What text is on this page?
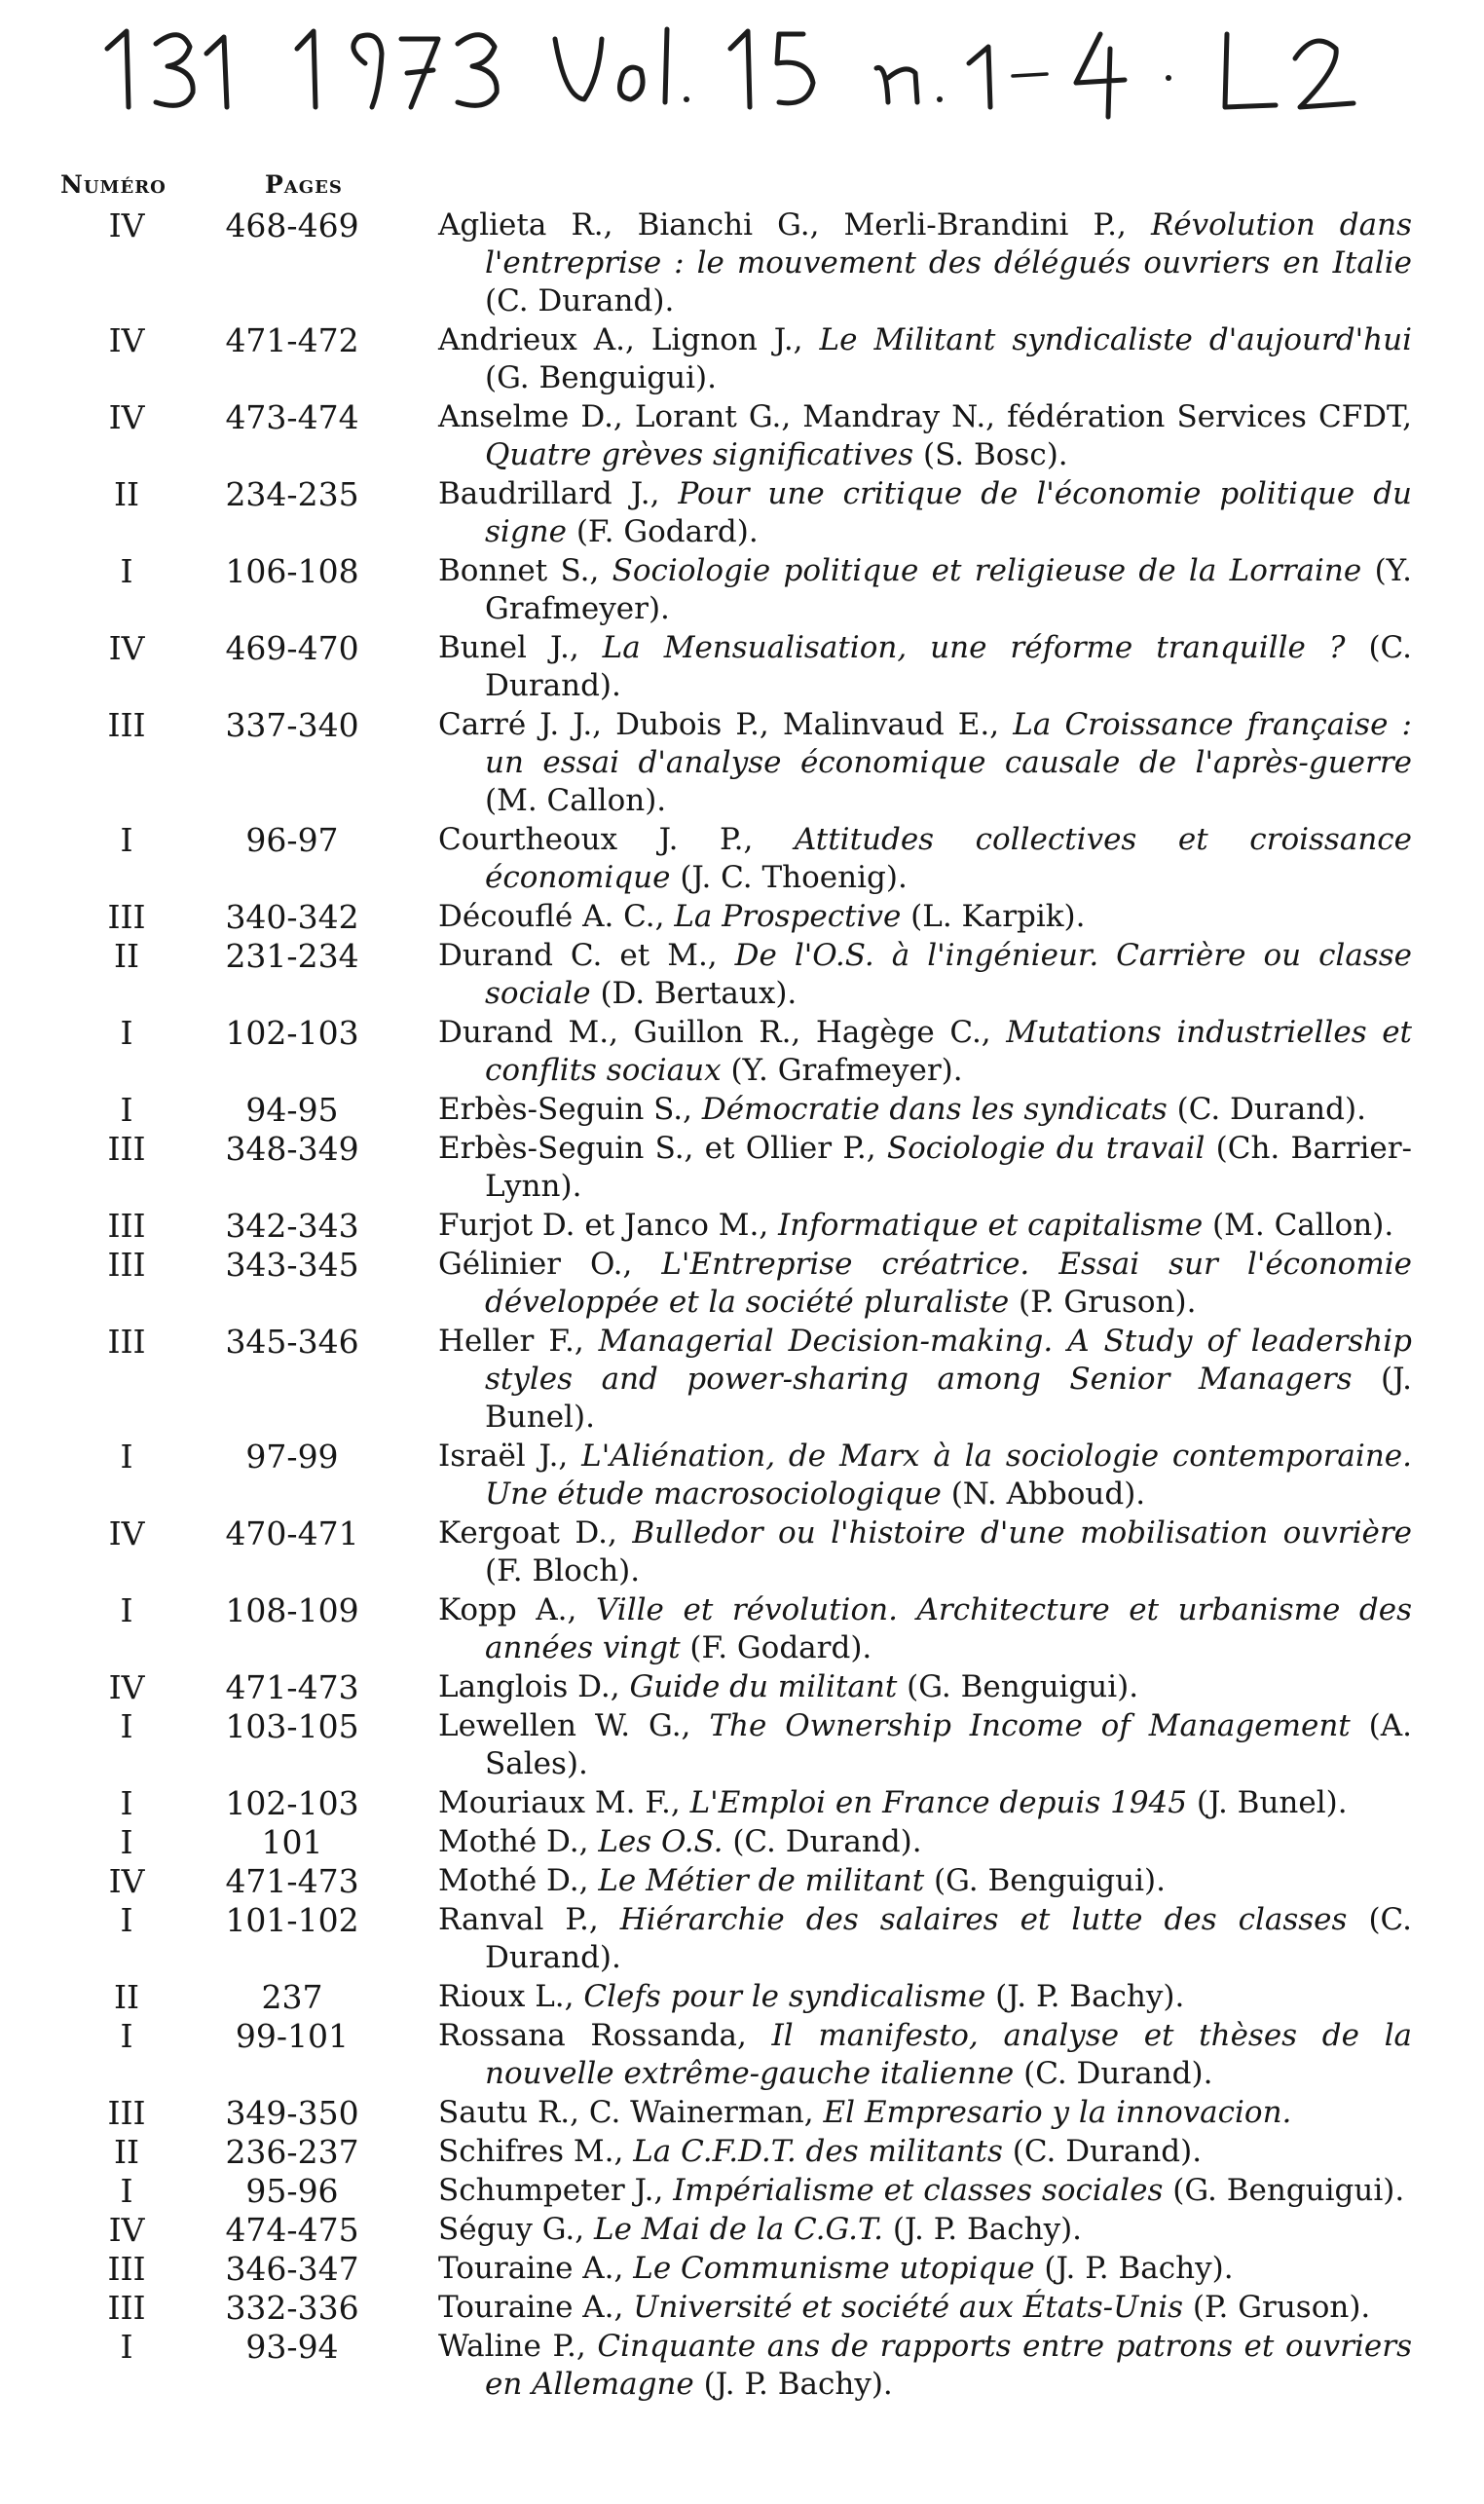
Numéro	Pages
IV	468-469	Aglieta R., Bianchi G., Merli-Brandini P., Révolution dans l'entreprise : le mouvement des délégués ouvriers en Italie (C. Durand).
IV	471-472	Andrieux A., Lignon J., Le Militant syndicaliste d'aujourd'hui (G. Benguigui).
IV	473-474	Anselme D., Lorant G., Mandray N., fédération Services CFDT, Quatre grèves significatives (S. Bosc).
II	234-235	Baudrillard J., Pour une critique de l'économie politique du signe (F. Godard).
I	106-108	Bonnet S., Sociologie politique et religieuse de la Lorraine (Y. Grafmeyer).
IV	469-470	Bunel J., La Mensualisation, une réforme tranquille ? (C. Durand).
III	337-340	Carré J. J., Dubois P., Malinvaud E., La Croissance française : un essai d'analyse économique causale de l'après-guerre (M. Callon).
I	96-97	Courtheoux J. P., Attitudes collectives et croissance économique (J. C. Thoenig).
III	340-342	Découflé A. C., La Prospective (L. Karpik).
II	231-234	Durand C. et M., De l'O.S. à l'ingénieur. Carrière ou classe sociale (D. Bertaux).
I	102-103	Durand M., Guillon R., Hagège C., Mutations industrielles et conflits sociaux (Y. Grafmeyer).
I	94-95	Erbès-Seguin S., Démocratie dans les syndicats (C. Durand).
III	348-349	Erbès-Seguin S., et Ollier P., Sociologie du travail (Ch. Barrier-Lynn).
III	342-343	Furjot D. et Janco M., Informatique et capitalisme (M. Callon).
III	343-345	Gélinier O., L'Entreprise créatrice. Essai sur l'économie développée et la société pluraliste (P. Gruson).
III	345-346	Heller F., Managerial Decision-making. A Study of leadership styles and power-sharing among Senior Managers (J. Bunel).
I	97-99	Israël J., L'Aliénation, de Marx à la sociologie contemporaine. Une étude macrosociologique (N. Abboud).
IV	470-471	Kergoat D., Bulledor ou l'histoire d'une mobilisation ouvrière (F. Bloch).
I	108-109	Kopp A., Ville et révolution. Architecture et urbanisme des années vingt (F. Godard).
IV	471-473	Langlois D., Guide du militant (G. Benguigui).
I	103-105	Lewellen W. G., The Ownership Income of Management (A. Sales).
I	102-103	Mouriaux M. F., L'Emploi en France depuis 1945 (J. Bunel).
I	101	Mothé D., Les O.S. (C. Durand).
IV	471-473	Mothé D., Le Métier de militant (G. Benguigui).
I	101-102	Ranval P., Hiérarchie des salaires et lutte des classes (C. Durand).
II	237	Rioux L., Clefs pour le syndicalisme (J. P. Bachy).
I	99-101	Rossana Rossanda, Il manifesto, analyse et thèses de la nouvelle extrême-gauche italienne (C. Durand).
III	349-350	Sautu R., C. Wainerman, El Empresario y la innovacion.
II	236-237	Schifres M., La C.F.D.T. des militants (C. Durand).
I	95-96	Schumpeter J., Impérialisme et classes sociales (G. Benguigui).
IV	474-475	Séguy G., Le Mai de la C.G.T. (J. P. Bachy).
III	346-347	Touraine A., Le Communisme utopique (J. P. Bachy).
III	332-336	Touraine A., Université et société aux États-Unis (P. Gruson).
I	93-94	Waline P., Cinquante ans de rapports entre patrons et ouvriers en Allemagne (J. P. Bachy).
